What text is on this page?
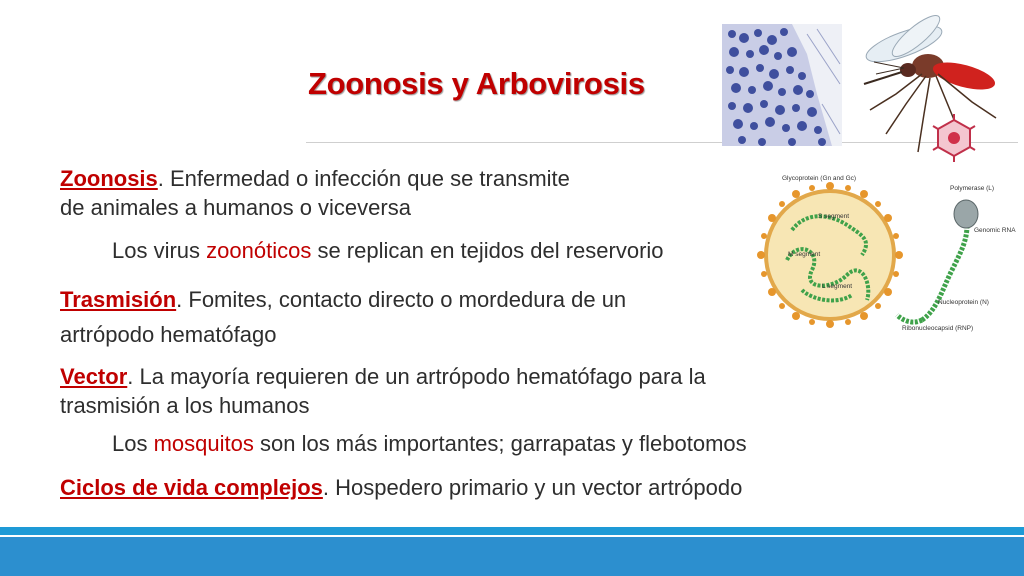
Zoonosis y Arbovirosis
Glycoprotein (Gn and Gc)
S segment
M segment
L segment
Polymerase (L)
Genomic RNA
Nucleoprotein (N)
Ribonucleocapsid (RNP)
Zoonosis. Enfermedad o infección que se transmite
de animales a humanos o viceversa
Los virus zoonóticos se replican en tejidos del reservorio
Trasmisión. Fomites, contacto directo o mordedura de un
artrópodo hematófago
Vector. La mayoría requieren de un artrópodo hematófago para la
trasmisión a los humanos
Los mosquitos son los más importantes; garrapatas y flebotomos
Ciclos de vida complejos. Hospedero primario y un vector artrópodo
